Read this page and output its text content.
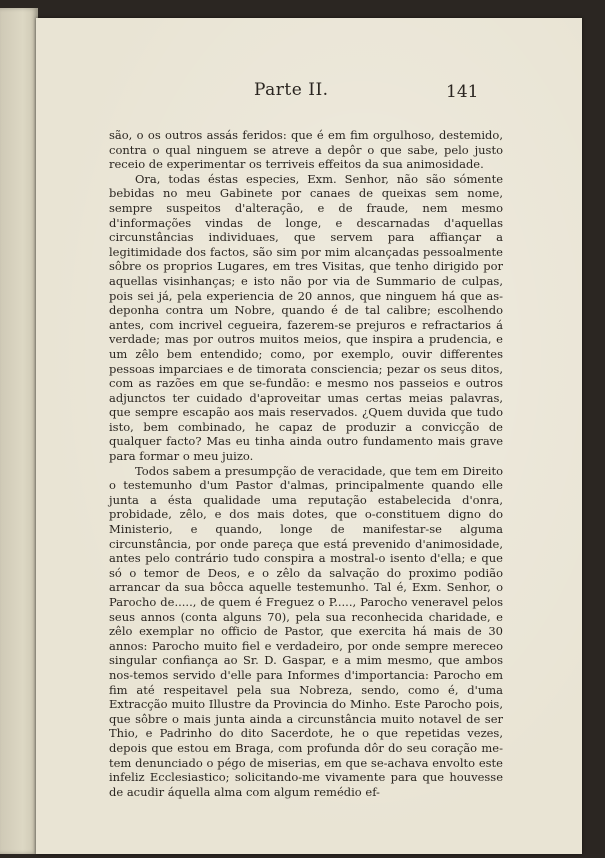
Parte II.	141

são, o os outros assás feridos: que é em fim orgulhoso, destemido, contra o qual ninguem se atreve a depôr o que sabe, pelo justo receio de experimentar os terriveis effeitos da sua animosidade.

Ora, todas éstas especies, Exm. Senhor, não são sómente bebidas no meu Gabinete por canaes de queixas sem nome, sempre suspeitos d'alteração, e de fraude, nem mesmo d'informações vindas de longe, e descarnadas d'aquellas circunstâncias individuaes, que servem para affiançar a legitimidade dos factos, são sim por mim alcançadas pessoalmente sôbre os proprios Lugares, em tres Visitas, que tenho dirigido por aquellas visinhanças; e isto não por via de Summario de culpas, pois sei já, pela experiencia de 20 annos, que ninguem há que as-deponha contra um Nobre, quando é de tal calibre; escolhendo antes, com incrivel cegueira, fazerem-se prejuros e refractarios á verdade; mas por outros muitos meios, que inspira a prudencia, e um zêlo bem entendido; como, por exemplo, ouvir differentes pessoas imparciaes e de timorata consciencia; pezar os seus ditos, com as razões em que se-fundão: e mesmo nos passeios e outros adjunctos ter cuidado d'aproveitar umas certas meias palavras, que sempre escapão aos mais reservados. ¿Quem duvida que tudo isto, bem combinado, he capaz de produzir a convicção de qualquer facto? Mas eu tinha ainda outro fundamento mais grave para formar o meu juizo.

Todos sabem a presumpção de veracidade, que tem em Direito o testemunho d'um Pastor d'almas, principalmente quando elle junta a ésta qualidade uma reputação estabelecida d'onra, probidade, zêlo, e dos mais dotes, que o-constituem digno do Ministerio, e quando, longe de manifestar-se alguma circunstância, por onde pareça que está prevenido d'animosidade, antes pelo contrário tudo conspira a mostral-o isento d'ella; e que só o temor de Deos, e o zêlo da salvação do proximo podião arrancar da sua bôcca aquelle testemunho. Tal é, Exm. Senhor, o Parocho de....., de quem é Freguez o P....., Parocho veneravel pelos seus annos (conta alguns 70), pela sua reconhecida charidade, e zêlo exemplar no officio de Pastor, que exercita há mais de 30 annos: Parocho muito fiel e verdadeiro, por onde sempre mereceo singular confiança ao Sr. D. Gaspar, e a mim mesmo, que ambos nos-temos servido d'elle para Informes d'importancia: Parocho em fim até respeitavel pela sua Nobreza, sendo, como é, d'uma Extracção muito Illustre da Provincia do Minho. Este Parocho pois, que sôbre o mais junta ainda a circunstância muito notavel de ser Thio, e Padrinho do dito Sacerdote, he o que repetidas vezes, depois que estou em Braga, com profunda dôr do seu coração me-tem denunciado o pégo de miserias, em que se-achava envolto este infeliz Ecclesiastico; solicitando-me vivamente para que houvesse de acudir áquella alma com algum remédio ef-
